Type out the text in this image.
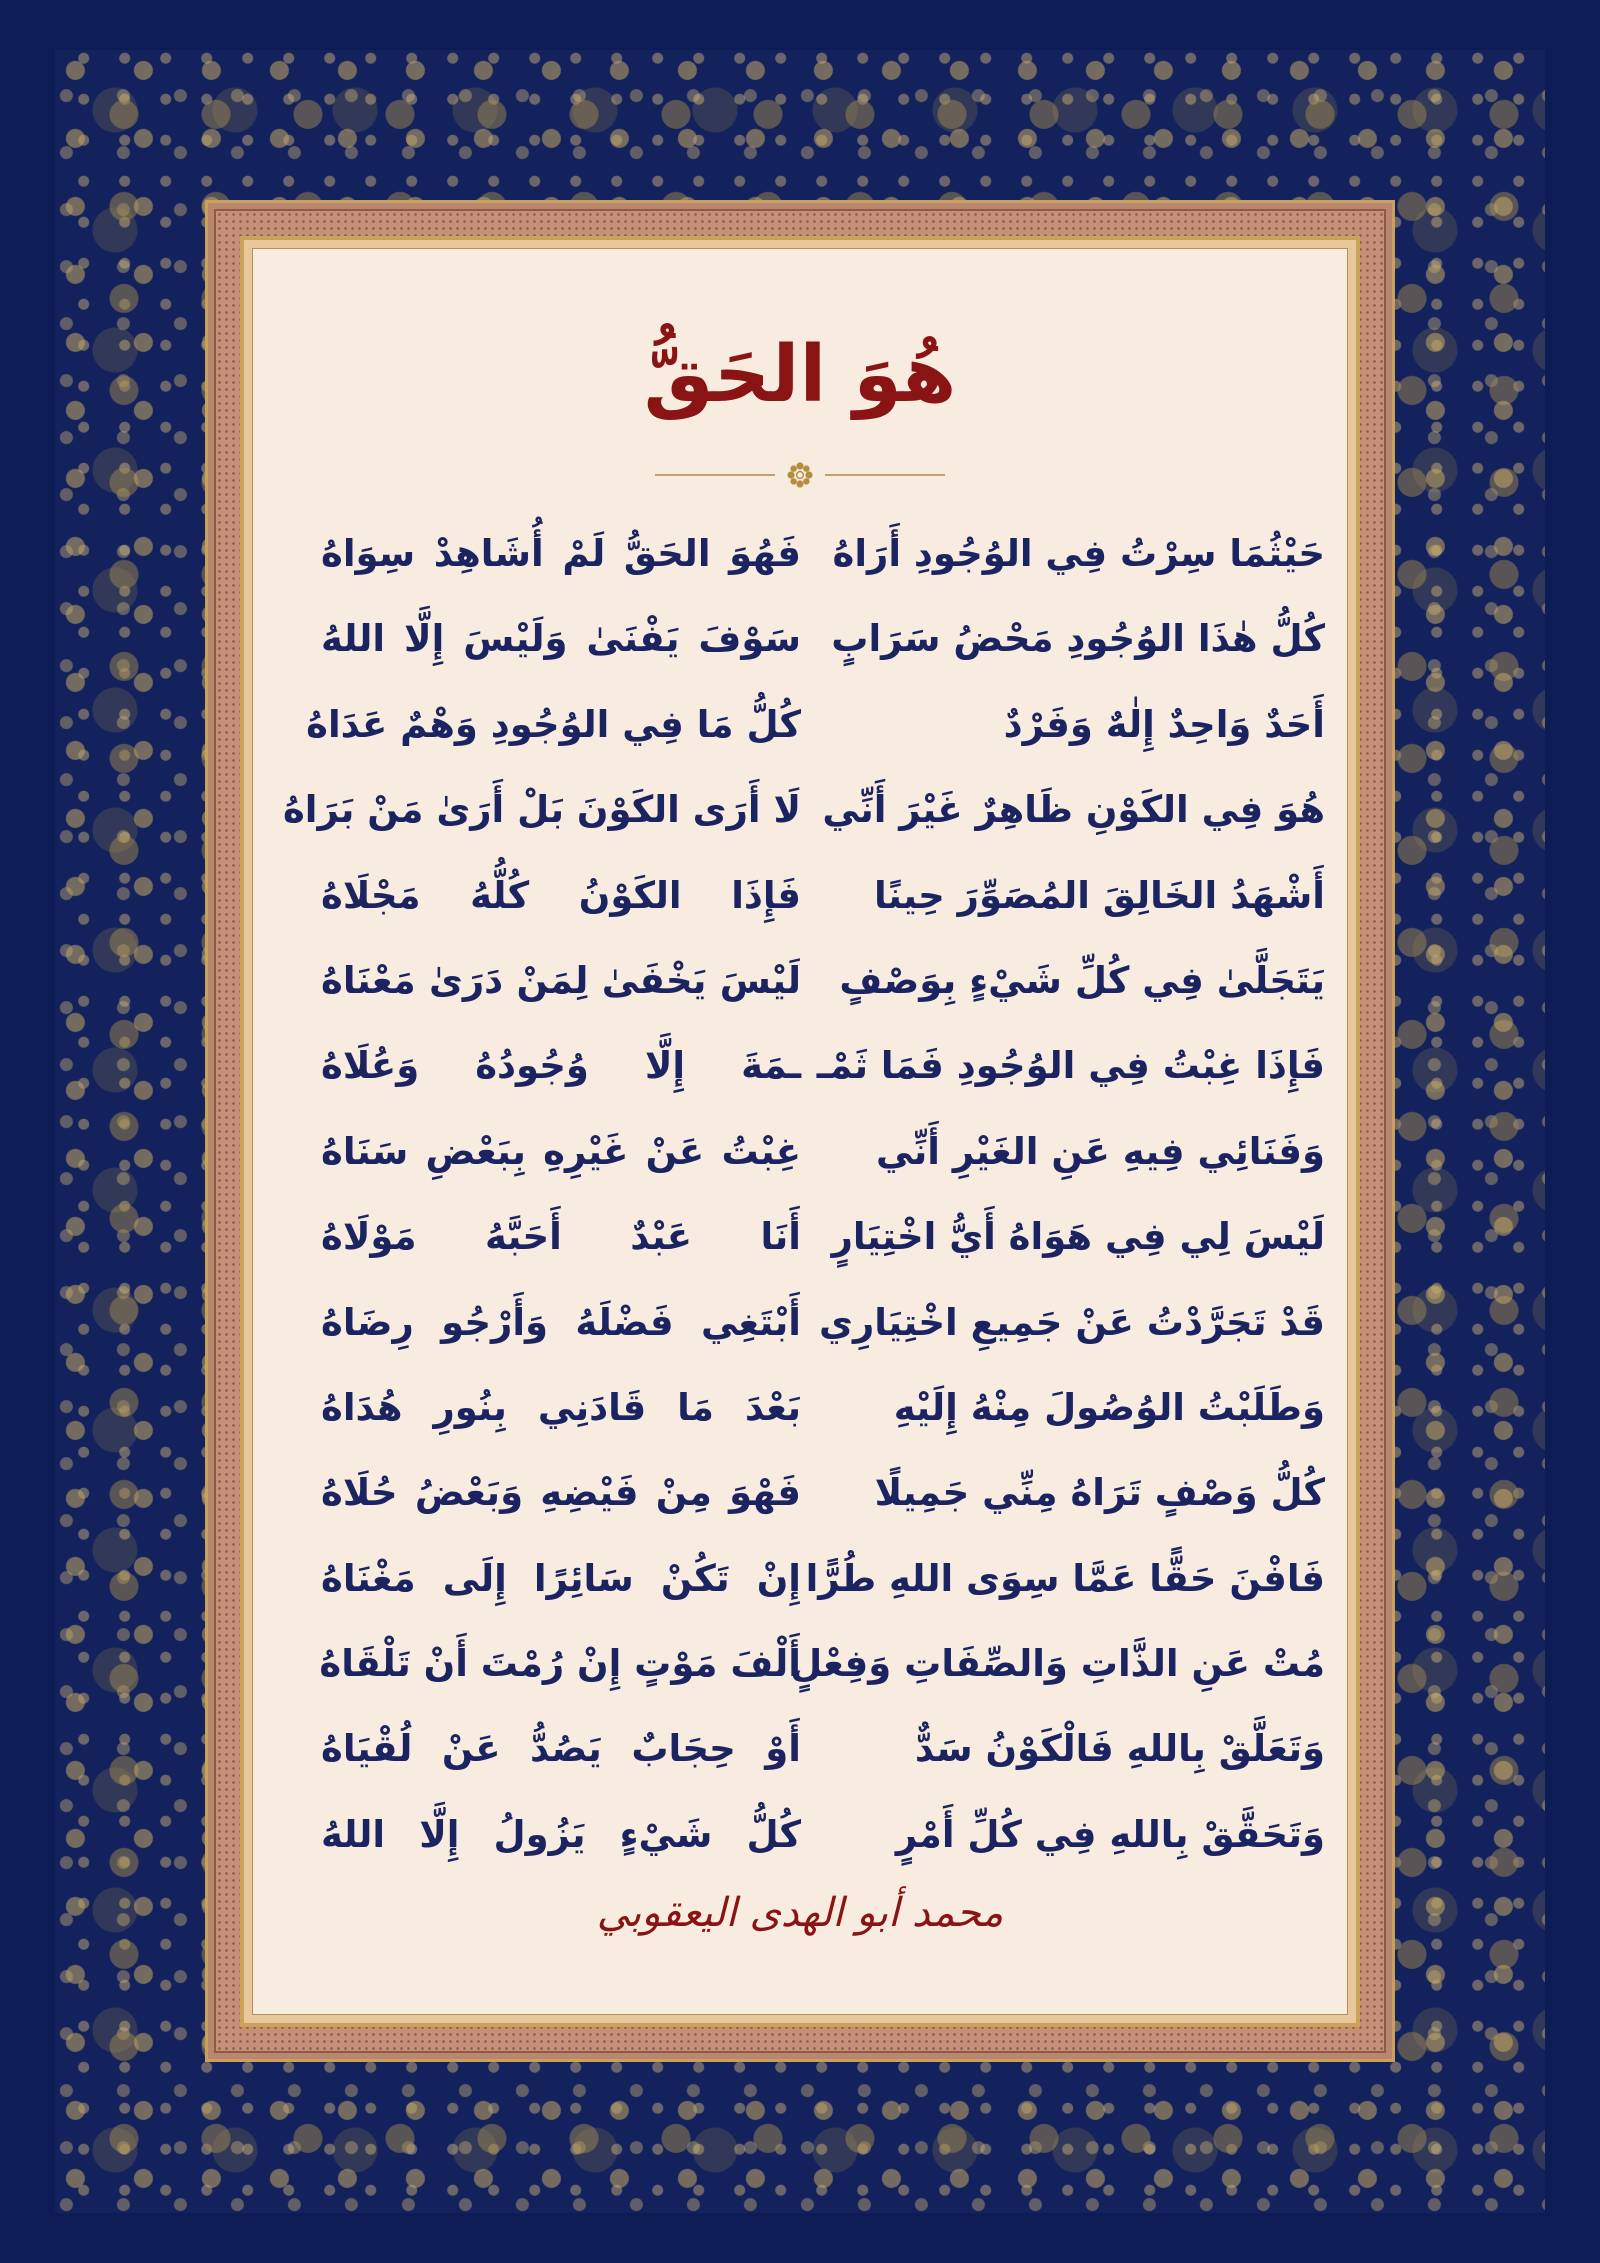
هُوَ الحَقُّ
حَيْثُمَا سِرْتُ فِي الوُجُودِ أَرَاهُ
فَهُوَ الحَقُّ لَمْ أُشَاهِدْ سِوَاهُ
كُلُّ هٰذَا الوُجُودِ مَحْضُ سَرَابٍ
سَوْفَ يَفْنَىٰ وَلَيْسَ إِلَّا اللهُ
أَحَدٌ وَاحِدٌ إِلٰهٌ وَفَرْدٌ
كُلُّ مَا فِي الوُجُودِ وَهْمٌ عَدَاهُ
هُوَ فِي الكَوْنِ ظَاهِرٌ غَيْرَ أَنِّي
لَا أَرَى الكَوْنَ بَلْ أَرَىٰ مَنْ بَرَاهُ
أَشْهَدُ الخَالِقَ المُصَوِّرَ حِينًا
فَإِذَا الكَوْنُ كُلُّهُ مَجْلَاهُ
يَتَجَلَّىٰ فِي كُلِّ شَيْءٍ بِوَصْفٍ
لَيْسَ يَخْفَىٰ لِمَنْ دَرَىٰ مَعْنَاهُ
فَإِذَا غِبْتُ فِي الوُجُودِ فَمَا ثَمْـ
ـمَةَ إِلَّا وُجُودُهُ وَعُلَاهُ
وَفَنَائِي فِيهِ عَنِ الغَيْرِ أَنِّي
غِبْتُ عَنْ غَيْرِهِ بِبَعْضِ سَنَاهُ
لَيْسَ لِي فِي هَوَاهُ أَيُّ اخْتِيَارٍ
أَنَا عَبْدٌ أَحَبَّهُ مَوْلَاهُ
قَدْ تَجَرَّدْتُ عَنْ جَمِيعِ اخْتِيَارِي
أَبْتَغِي فَضْلَهُ وَأَرْجُو رِضَاهُ
وَطَلَبْتُ الوُصُولَ مِنْهُ إِلَيْهِ
بَعْدَ مَا قَادَنِي بِنُورِ هُدَاهُ
كُلُّ وَصْفٍ تَرَاهُ مِنِّي جَمِيلًا
فَهْوَ مِنْ فَيْضِهِ وَبَعْضُ حُلَاهُ
فَافْنَ حَقًّا عَمَّا سِوَى اللهِ طُرًّا
إِنْ تَكُنْ سَائِرًا إِلَى مَغْنَاهُ
مُتْ عَنِ الذَّاتِ وَالصِّفَاتِ وَفِعْلٍ
أَلْفَ مَوْتٍ إِنْ رُمْتَ أَنْ تَلْقَاهُ
وَتَعَلَّقْ بِاللهِ فَالْكَوْنُ سَدٌّ
أَوْ حِجَابٌ يَصُدُّ عَنْ لُقْيَاهُ
وَتَحَقَّقْ بِاللهِ فِي كُلِّ أَمْرٍ
كُلُّ شَيْءٍ يَزُولُ إِلَّا اللهُ
محمد أبو الهدى اليعقوبي
